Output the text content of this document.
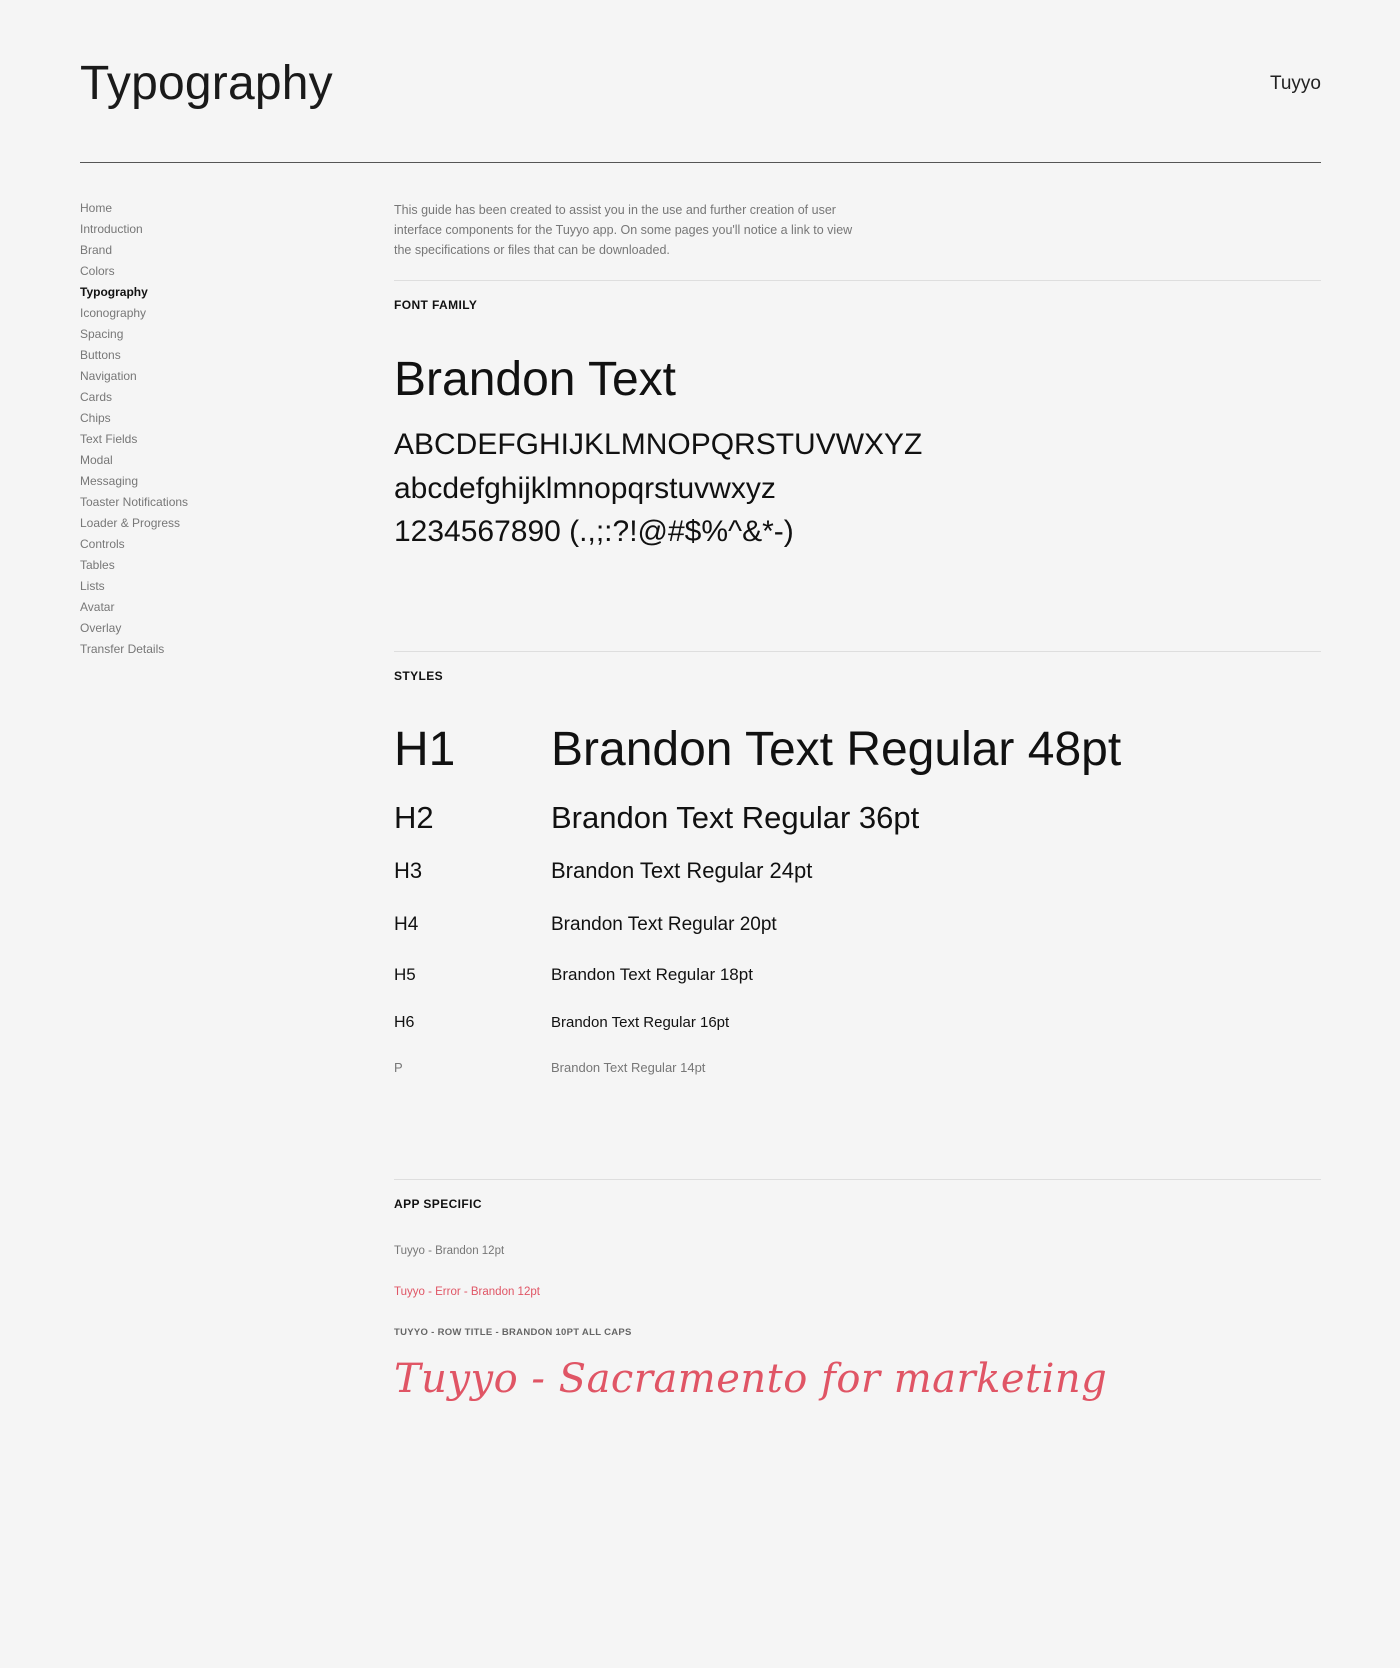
Typography	Tuyyo
Home
Introduction
Brand
Colors
Typography
Iconography
Spacing
Buttons
Navigation
Cards
Chips
Text Fields
Modal
Messaging
Toaster Notifications
Loader & Progress
Controls
Tables
Lists
Avatar
Overlay
Transfer Details

This guide has been created to assist you in the use and further creation of user interface components for the Tuyyo app. On some pages you'll notice a link to view the specifications or files that can be downloaded.

FONT FAMILY
Brandon Text
ABCDEFGHIJKLMNOPQRSTUVWXYZ
abcdefghijklmnopqrstuvwxyz
1234567890 (.,;:?!@#$%^&*-)
STYLES
H1 Brandon Text Regular 48pt
H2	Brandon Text Regular 36pt
H3	Brandon Text Regular 24pt
H4	Brandon Text Regular 20pt
H5	Brandon Text Regular 18pt
H6	Brandon Text Regular 16pt
P	Brandon Text Regular 14pt
APP SPECIFIC
Tuyyo - Brandon 12pt
Tuyyo - Error - Brandon 12pt
TUYYO - ROW TITLE - BRANDON 10PT ALL CAPS
Tuyyo - Sacramento for marketing
